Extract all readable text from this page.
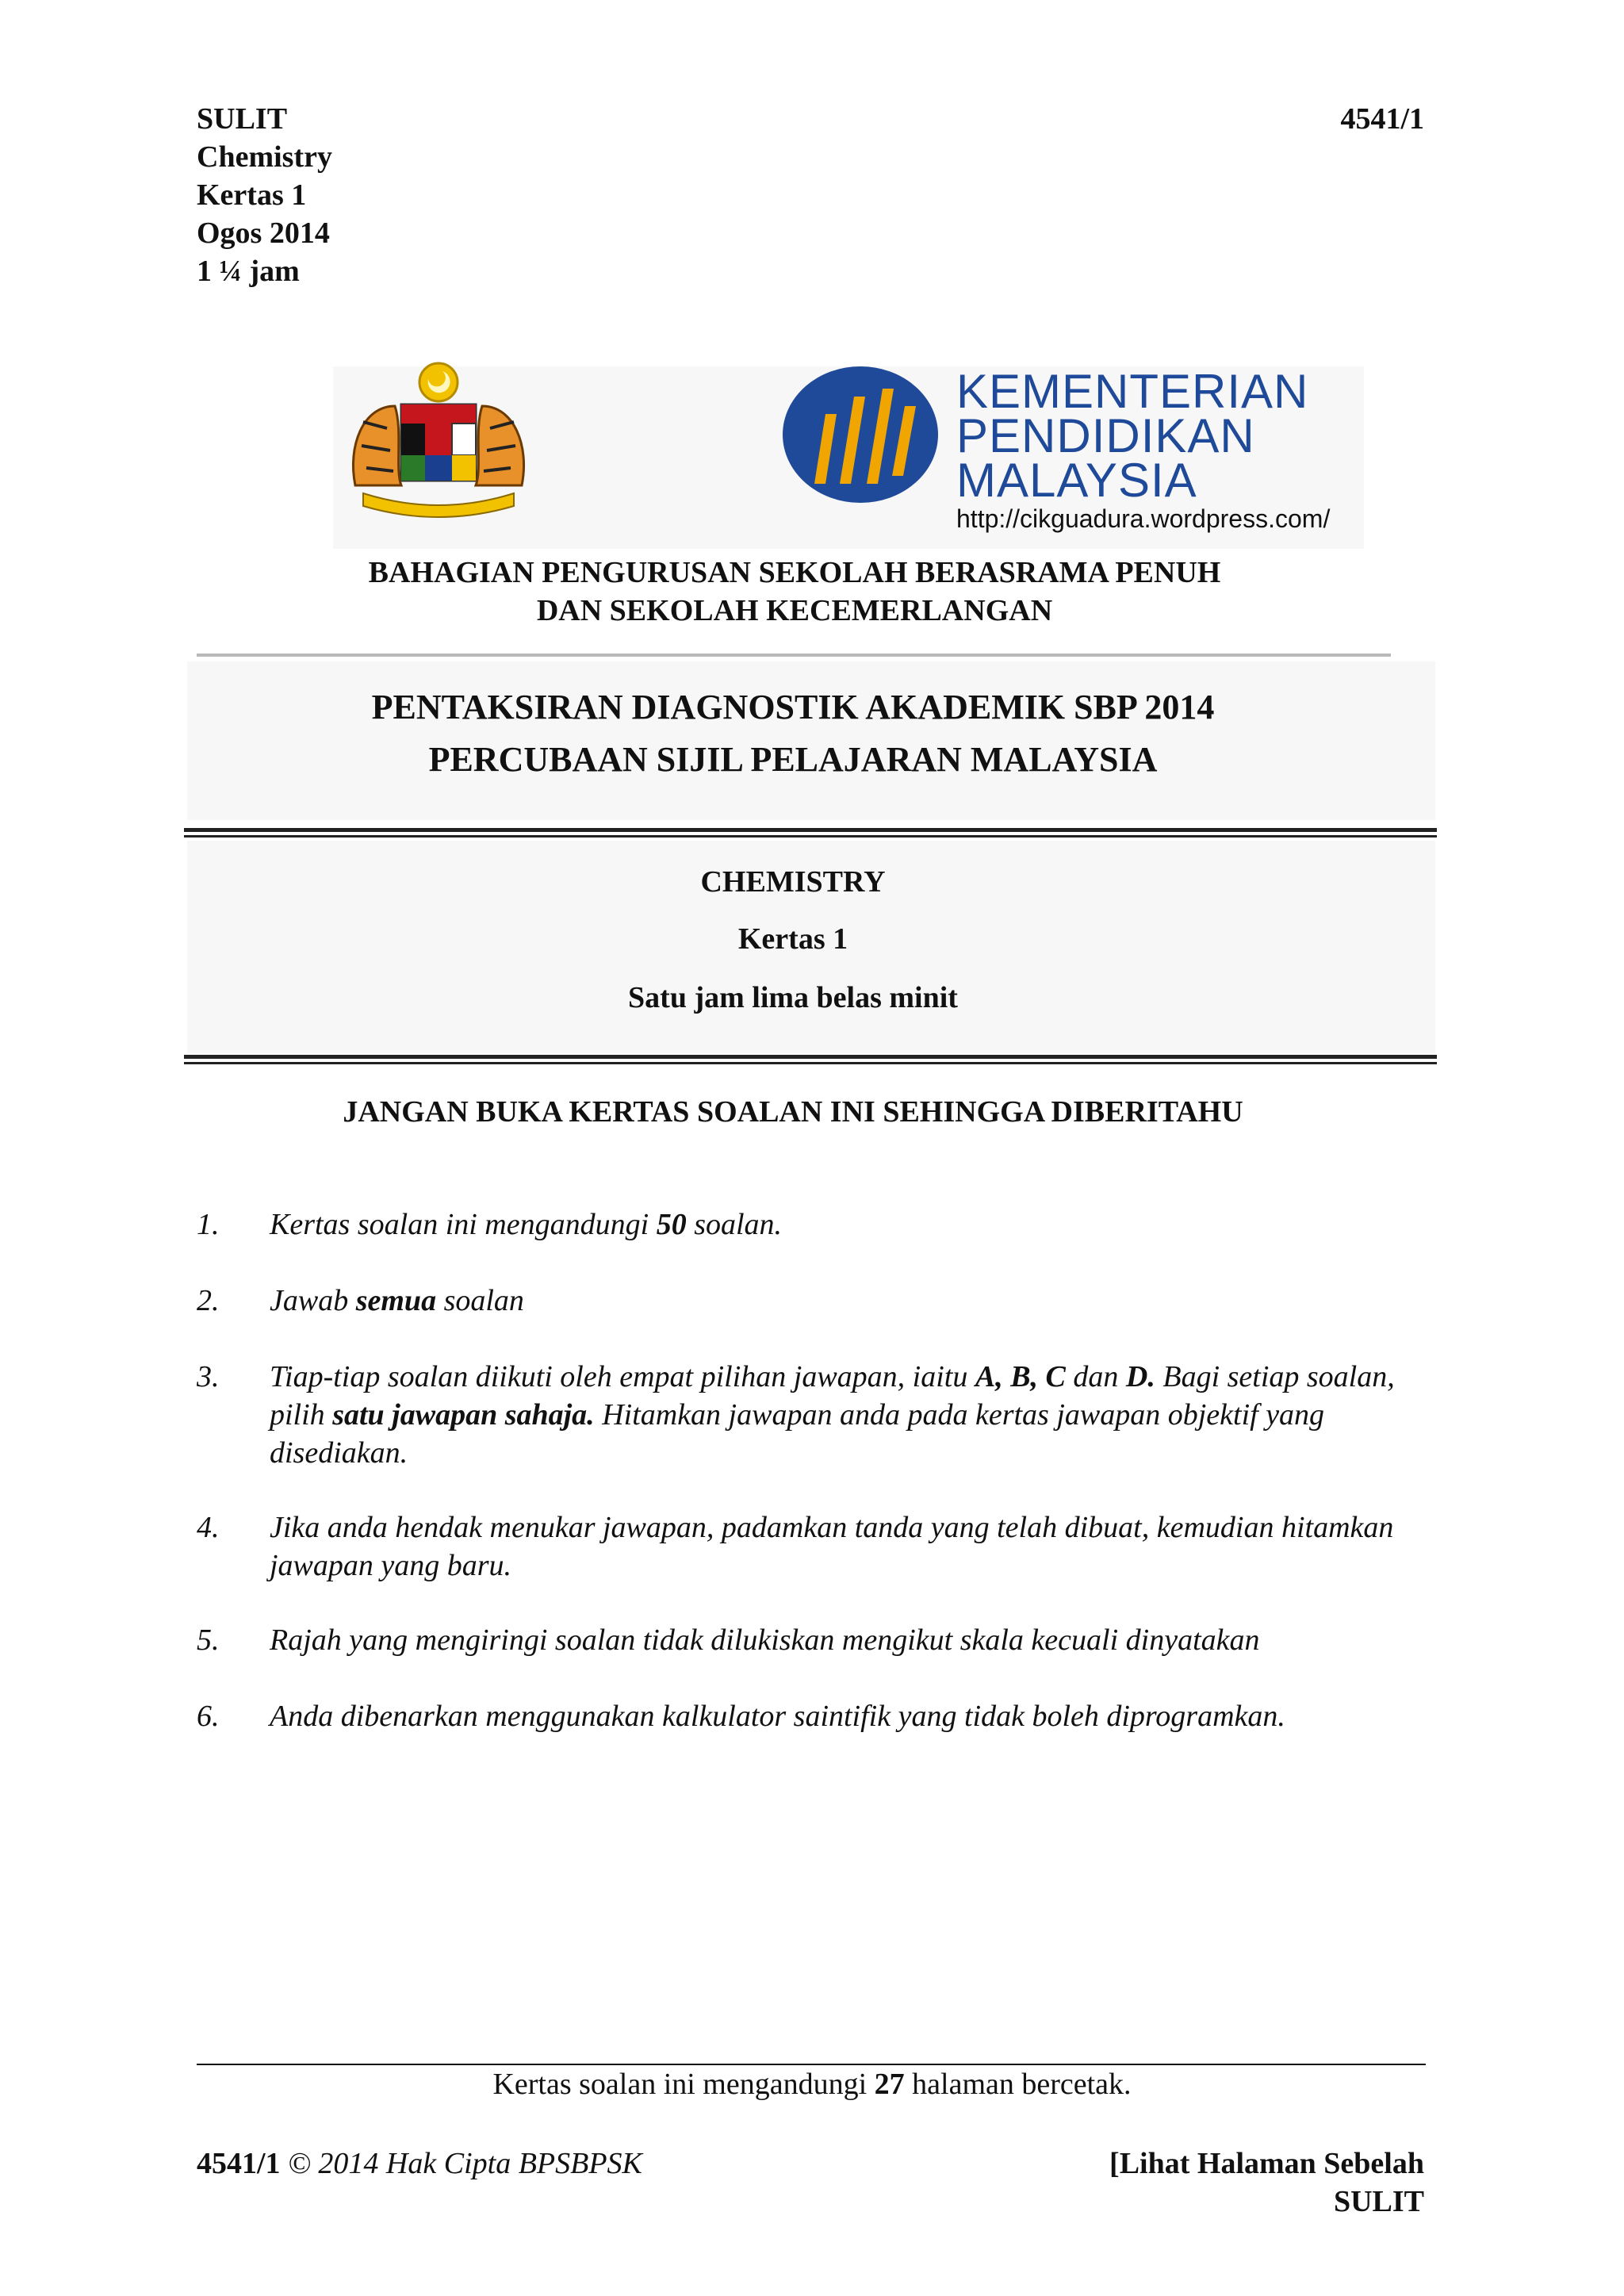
SULIT
Chemistry
Kertas 1
Ogos 2014
1 ¼ jam
4541/1
KEMENTERIAN
PENDIDIKAN
MALAYSIA
http://cikguadura.wordpress.com/
BAHAGIAN PENGURUSAN SEKOLAH BERASRAMA PENUH
DAN SEKOLAH KECEMERLANGAN
PENTAKSIRAN DIAGNOSTIK AKADEMIK SBP 2014
PERCUBAAN SIJIL PELAJARAN MALAYSIA
CHEMISTRY
Kertas 1
Satu jam lima belas minit
JANGAN BUKA KERTAS SOALAN INI SEHINGGA DIBERITAHU
1.	Kertas soalan ini mengandungi 50 soalan.
2.	Jawab semua soalan
3.	Tiap-tiap soalan diikuti oleh empat pilihan jawapan, iaitu A, B, C dan D. Bagi setiap soalan, pilih satu jawapan sahaja. Hitamkan jawapan anda pada kertas jawapan objektif yang disediakan.
4.	Jika anda hendak menukar jawapan, padamkan tanda yang telah dibuat, kemudian hitamkan jawapan yang baru.
5.	Rajah yang mengiringi soalan tidak dilukiskan mengikut skala kecuali dinyatakan
6.	Anda dibenarkan menggunakan kalkulator saintifik yang tidak boleh diprogramkan.
Kertas soalan ini mengandungi 27 halaman bercetak.
4541/1 © 2014 Hak Cipta BPSBPSK	[Lihat Halaman Sebelah
SULIT
